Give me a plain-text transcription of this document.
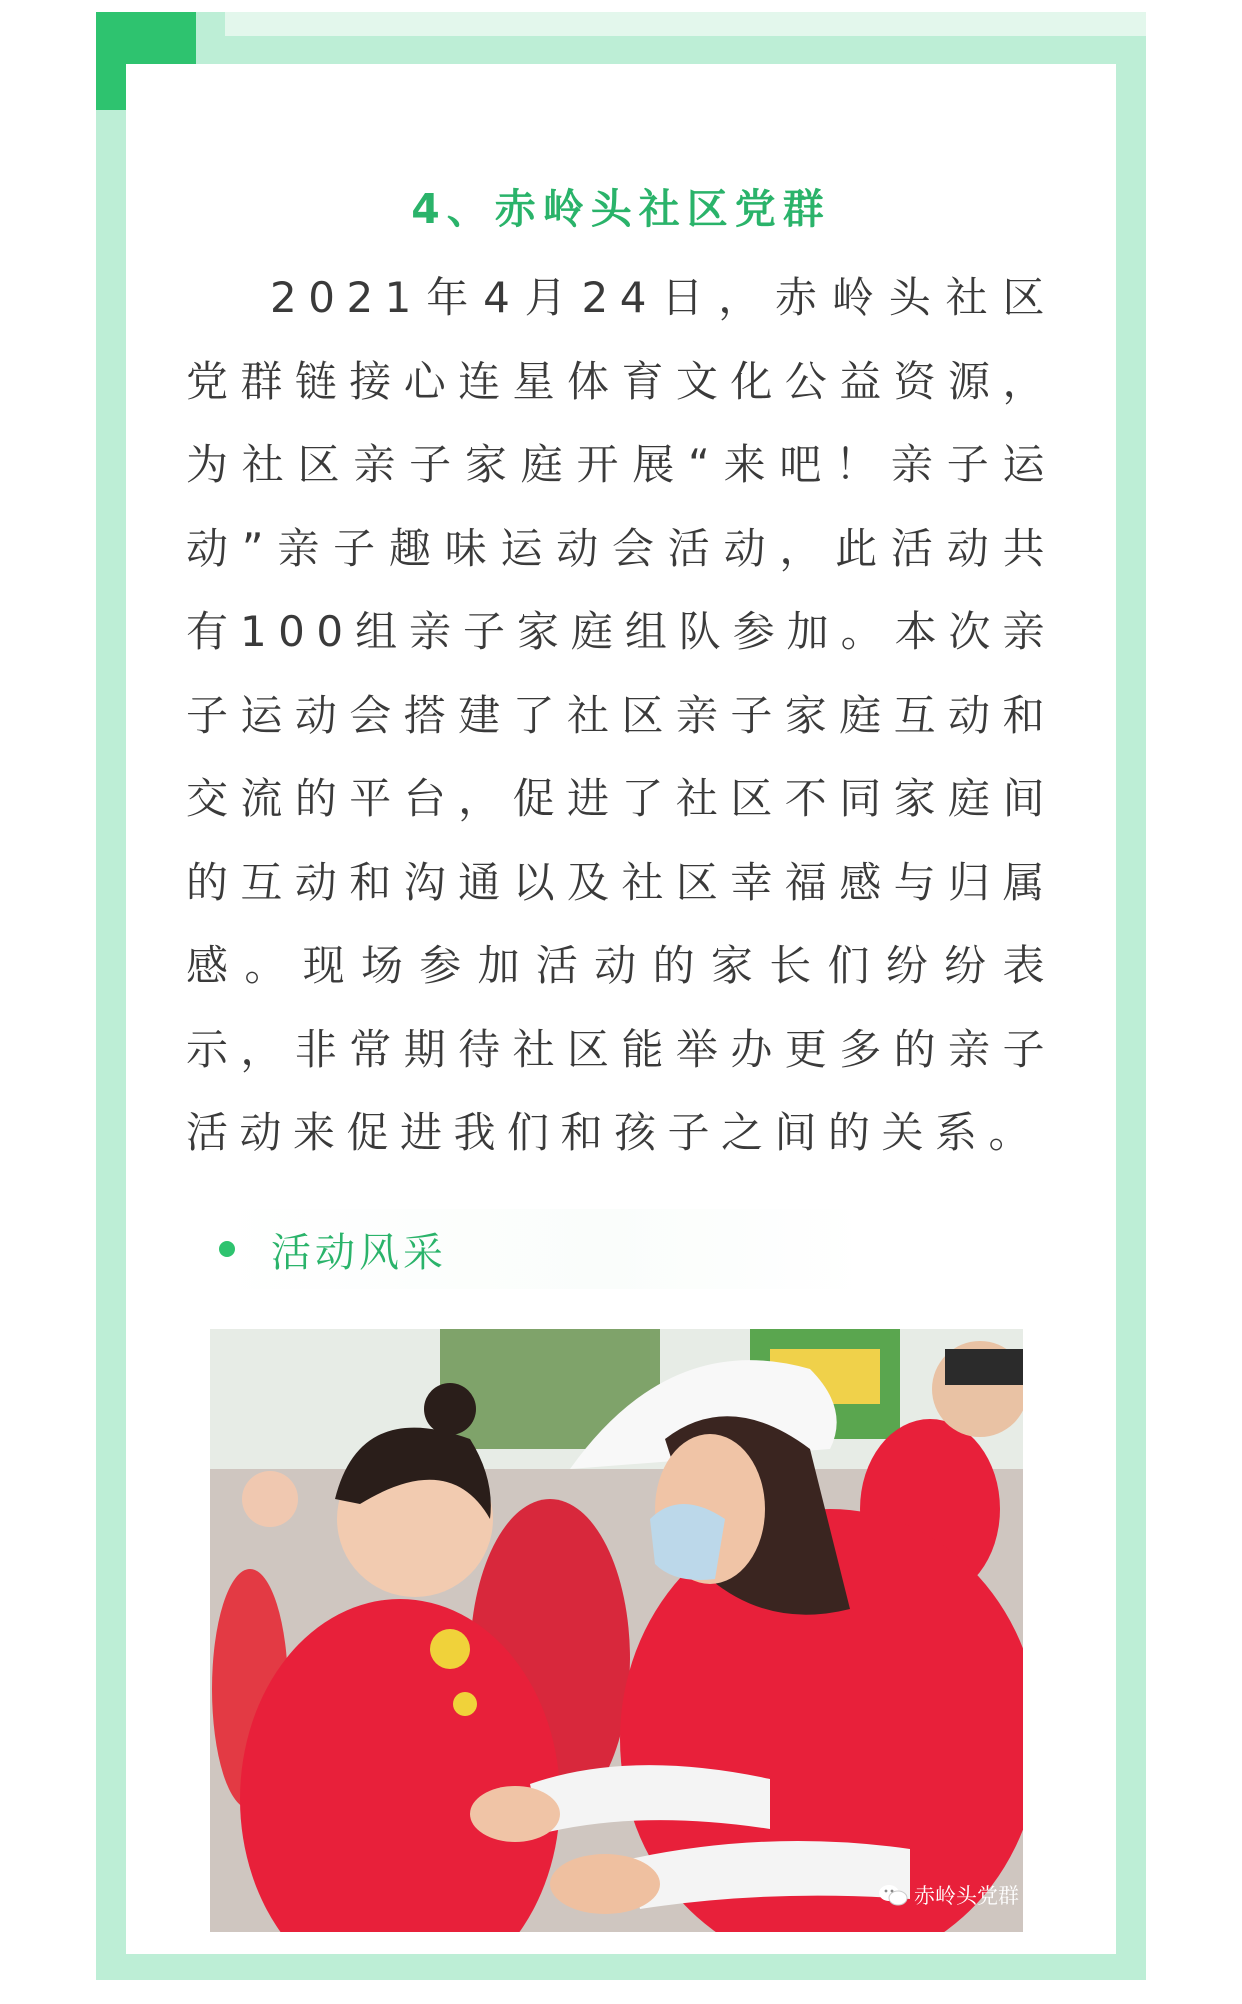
4、赤岭头社区党群

2021年4月24日，赤岭头社区党群链接心连星体育文化公益资源，为社区亲子家庭开展“来吧！亲子运动”亲子趣味运动会活动，此活动共有100组亲子家庭组队参加。本次亲子运动会搭建了社区亲子家庭互动和交流的平台，促进了社区不同家庭间的互动和沟通以及社区幸福感与归属感。现场参加活动的家长们纷纷表示，非常期待社区能举办更多的亲子活动来促进我们和孩子之间的关系。

活动风采
赤岭头党群
